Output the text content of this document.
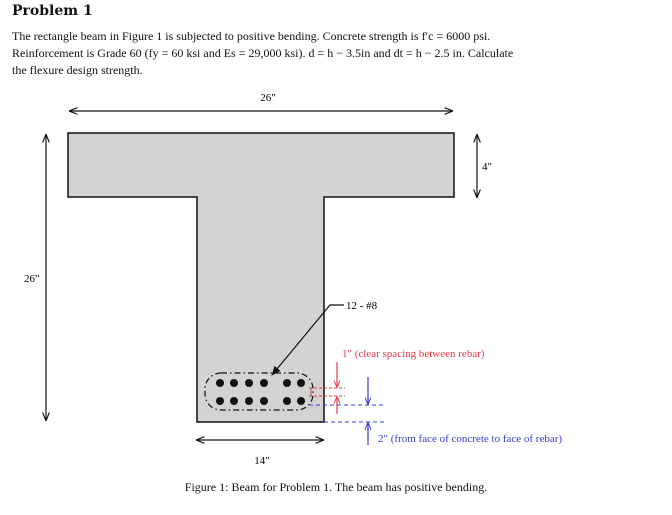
Problem 1
The rectangle beam in Figure 1 is subjected to positive bending. Concrete strength is f′c = 6000 psi.
Reinforcement is Grade 60 (fy = 60 ksi and Es = 29,000 ksi). d = h − 3.5in and dt = h − 2.5 in. Calculate
the flexure design strength.
26"
4"
26"
14"
12 - #8
1" (clear spacing between rebar)
2" (from face of concrete to face of rebar)
Figure 1: Beam for Problem 1. The beam has positive bending.
